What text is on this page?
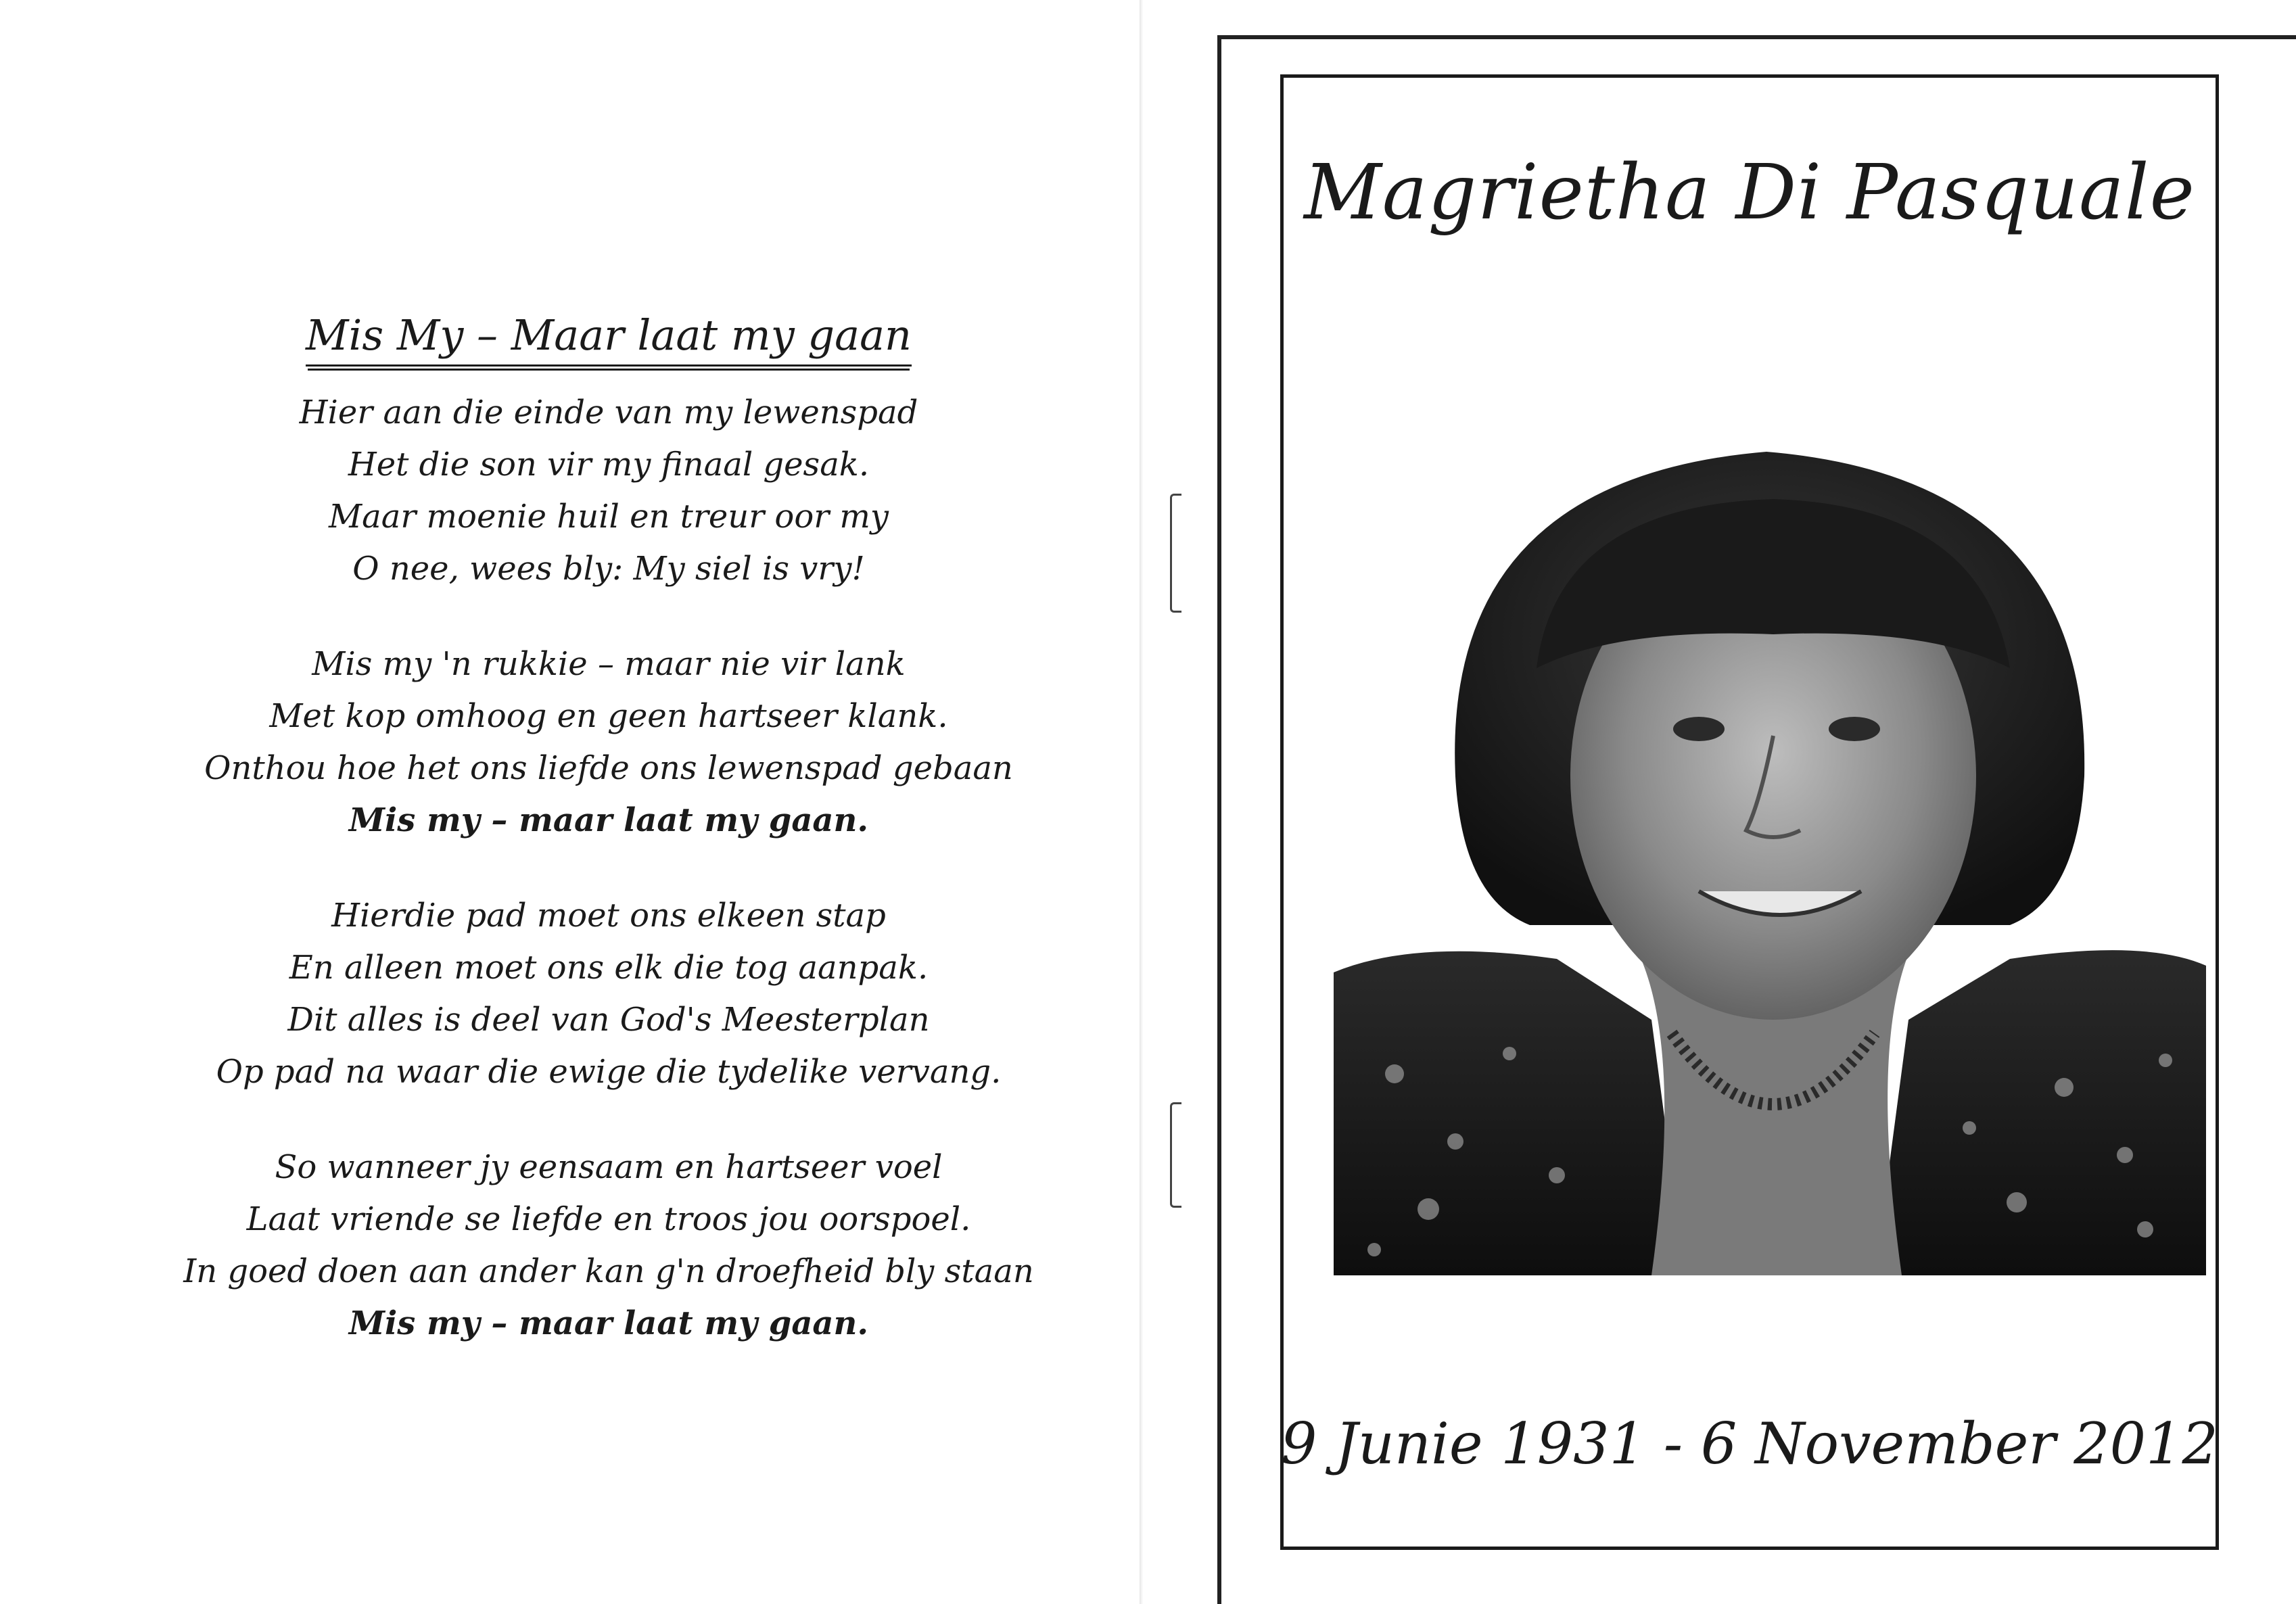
Mis My – Maar laat my gaan
Hier aan die einde van my lewenspad
Het die son vir my finaal gesak.
Maar moenie huil en treur oor my
O nee, wees bly: My siel is vry!
Mis my 'n rukkie – maar nie vir lank
Met kop omhoog en geen hartseer klank.
Onthou hoe het ons liefde ons lewenspad gebaan
Mis my – maar laat my gaan.
Hierdie pad moet ons elkeen stap
En alleen moet ons elk die tog aanpak.
Dit alles is deel van God's Meesterplan
Op pad na waar die ewige die tydelike vervang.
So wanneer jy eensaam en hartseer voel
Laat vriende se liefde en troos jou oorspoel.
In goed doen aan ander kan g'n droefheid bly staan
Mis my – maar laat my gaan.
Magrietha Di Pasquale
9 Junie 1931 - 6 November 2012
